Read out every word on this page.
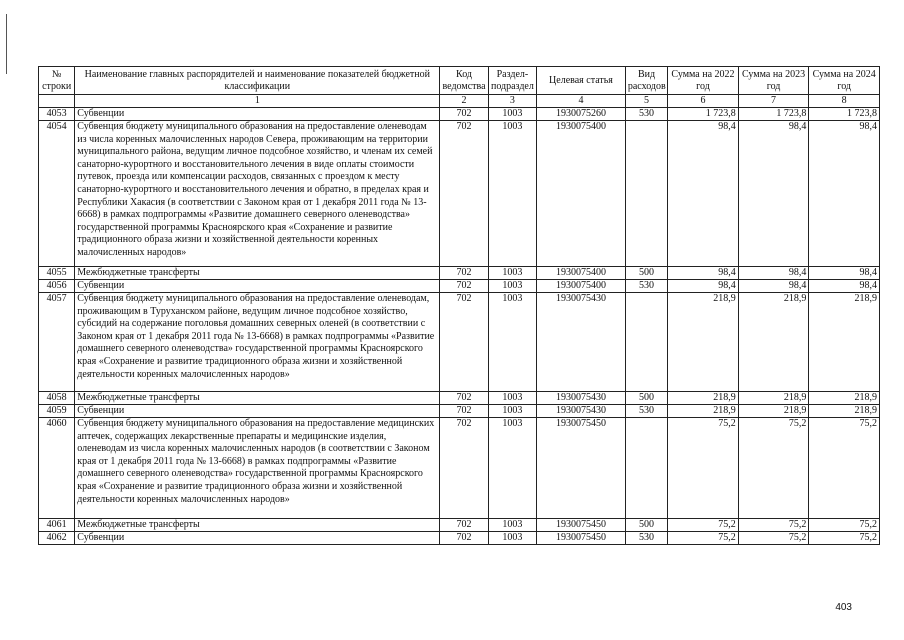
№ строки	Наименование главных распорядителей и наименование показателей бюджетной классификации	Код ведомства	Раздел-подраздел	Целевая статья	Вид расходов	Сумма на 2022 год	Сумма на 2023 год	Сумма на 2024 год
	1	2	3	4	5	6	7	8
4053	Субвенции	702	1003	1930075260	530	1 723,8	1 723,8	1 723,8
4054	Субвенция бюджету муниципального образования на предоставление оленеводам из числа коренных малочисленных народов Севера, проживающим на территории муниципального района, ведущим личное подсобное хозяйство, и членам их семей санаторно-курортного и восстановительного лечения в виде оплаты стоимости путевок, проезда или компенсации расходов, связанных с проездом к месту санаторно-курортного и восстановительного лечения и обратно, в пределах края и Республики Хакасия (в соответствии с Законом края от 1 декабря 2011 года № 13-6668) в рамках подпрограммы «Развитие домашнего северного оленеводства» государственной программы Красноярского края «Сохранение и развитие традиционного образа жизни и хозяйственной деятельности коренных малочисленных народов»	702	1003	1930075400		98,4	98,4	98,4
4055	Межбюджетные трансферты	702	1003	1930075400	500	98,4	98,4	98,4
4056	Субвенции	702	1003	1930075400	530	98,4	98,4	98,4
4057	Субвенция бюджету муниципального образования на предоставление оленеводам, проживающим в Туруханском районе, ведущим личное подсобное хозяйство, субсидий на содержание поголовья домашних северных оленей (в соответствии с Законом края от 1 декабря 2011 года № 13-6668) в рамках подпрограммы «Развитие домашнего северного оленеводства» государственной программы Красноярского края «Сохранение и развитие традиционного образа жизни и хозяйственной деятельности коренных малочисленных народов»	702	1003	1930075430		218,9	218,9	218,9
4058	Межбюджетные трансферты	702	1003	1930075430	500	218,9	218,9	218,9
4059	Субвенции	702	1003	1930075430	530	218,9	218,9	218,9
4060	Субвенция бюджету муниципального образования на предоставление медицинских аптечек, содержащих лекарственные препараты и медицинские изделия, оленеводам из числа коренных малочисленных народов (в соответствии с Законом края от 1 декабря 2011 года № 13-6668) в рамках подпрограммы «Развитие домашнего северного оленеводства» государственной программы Красноярского края «Сохранение и развитие традиционного образа жизни и хозяйственной деятельности коренных малочисленных народов»	702	1003	1930075450		75,2	75,2	75,2
4061	Межбюджетные трансферты	702	1003	1930075450	500	75,2	75,2	75,2
4062	Субвенции	702	1003	1930075450	530	75,2	75,2	75,2
403
